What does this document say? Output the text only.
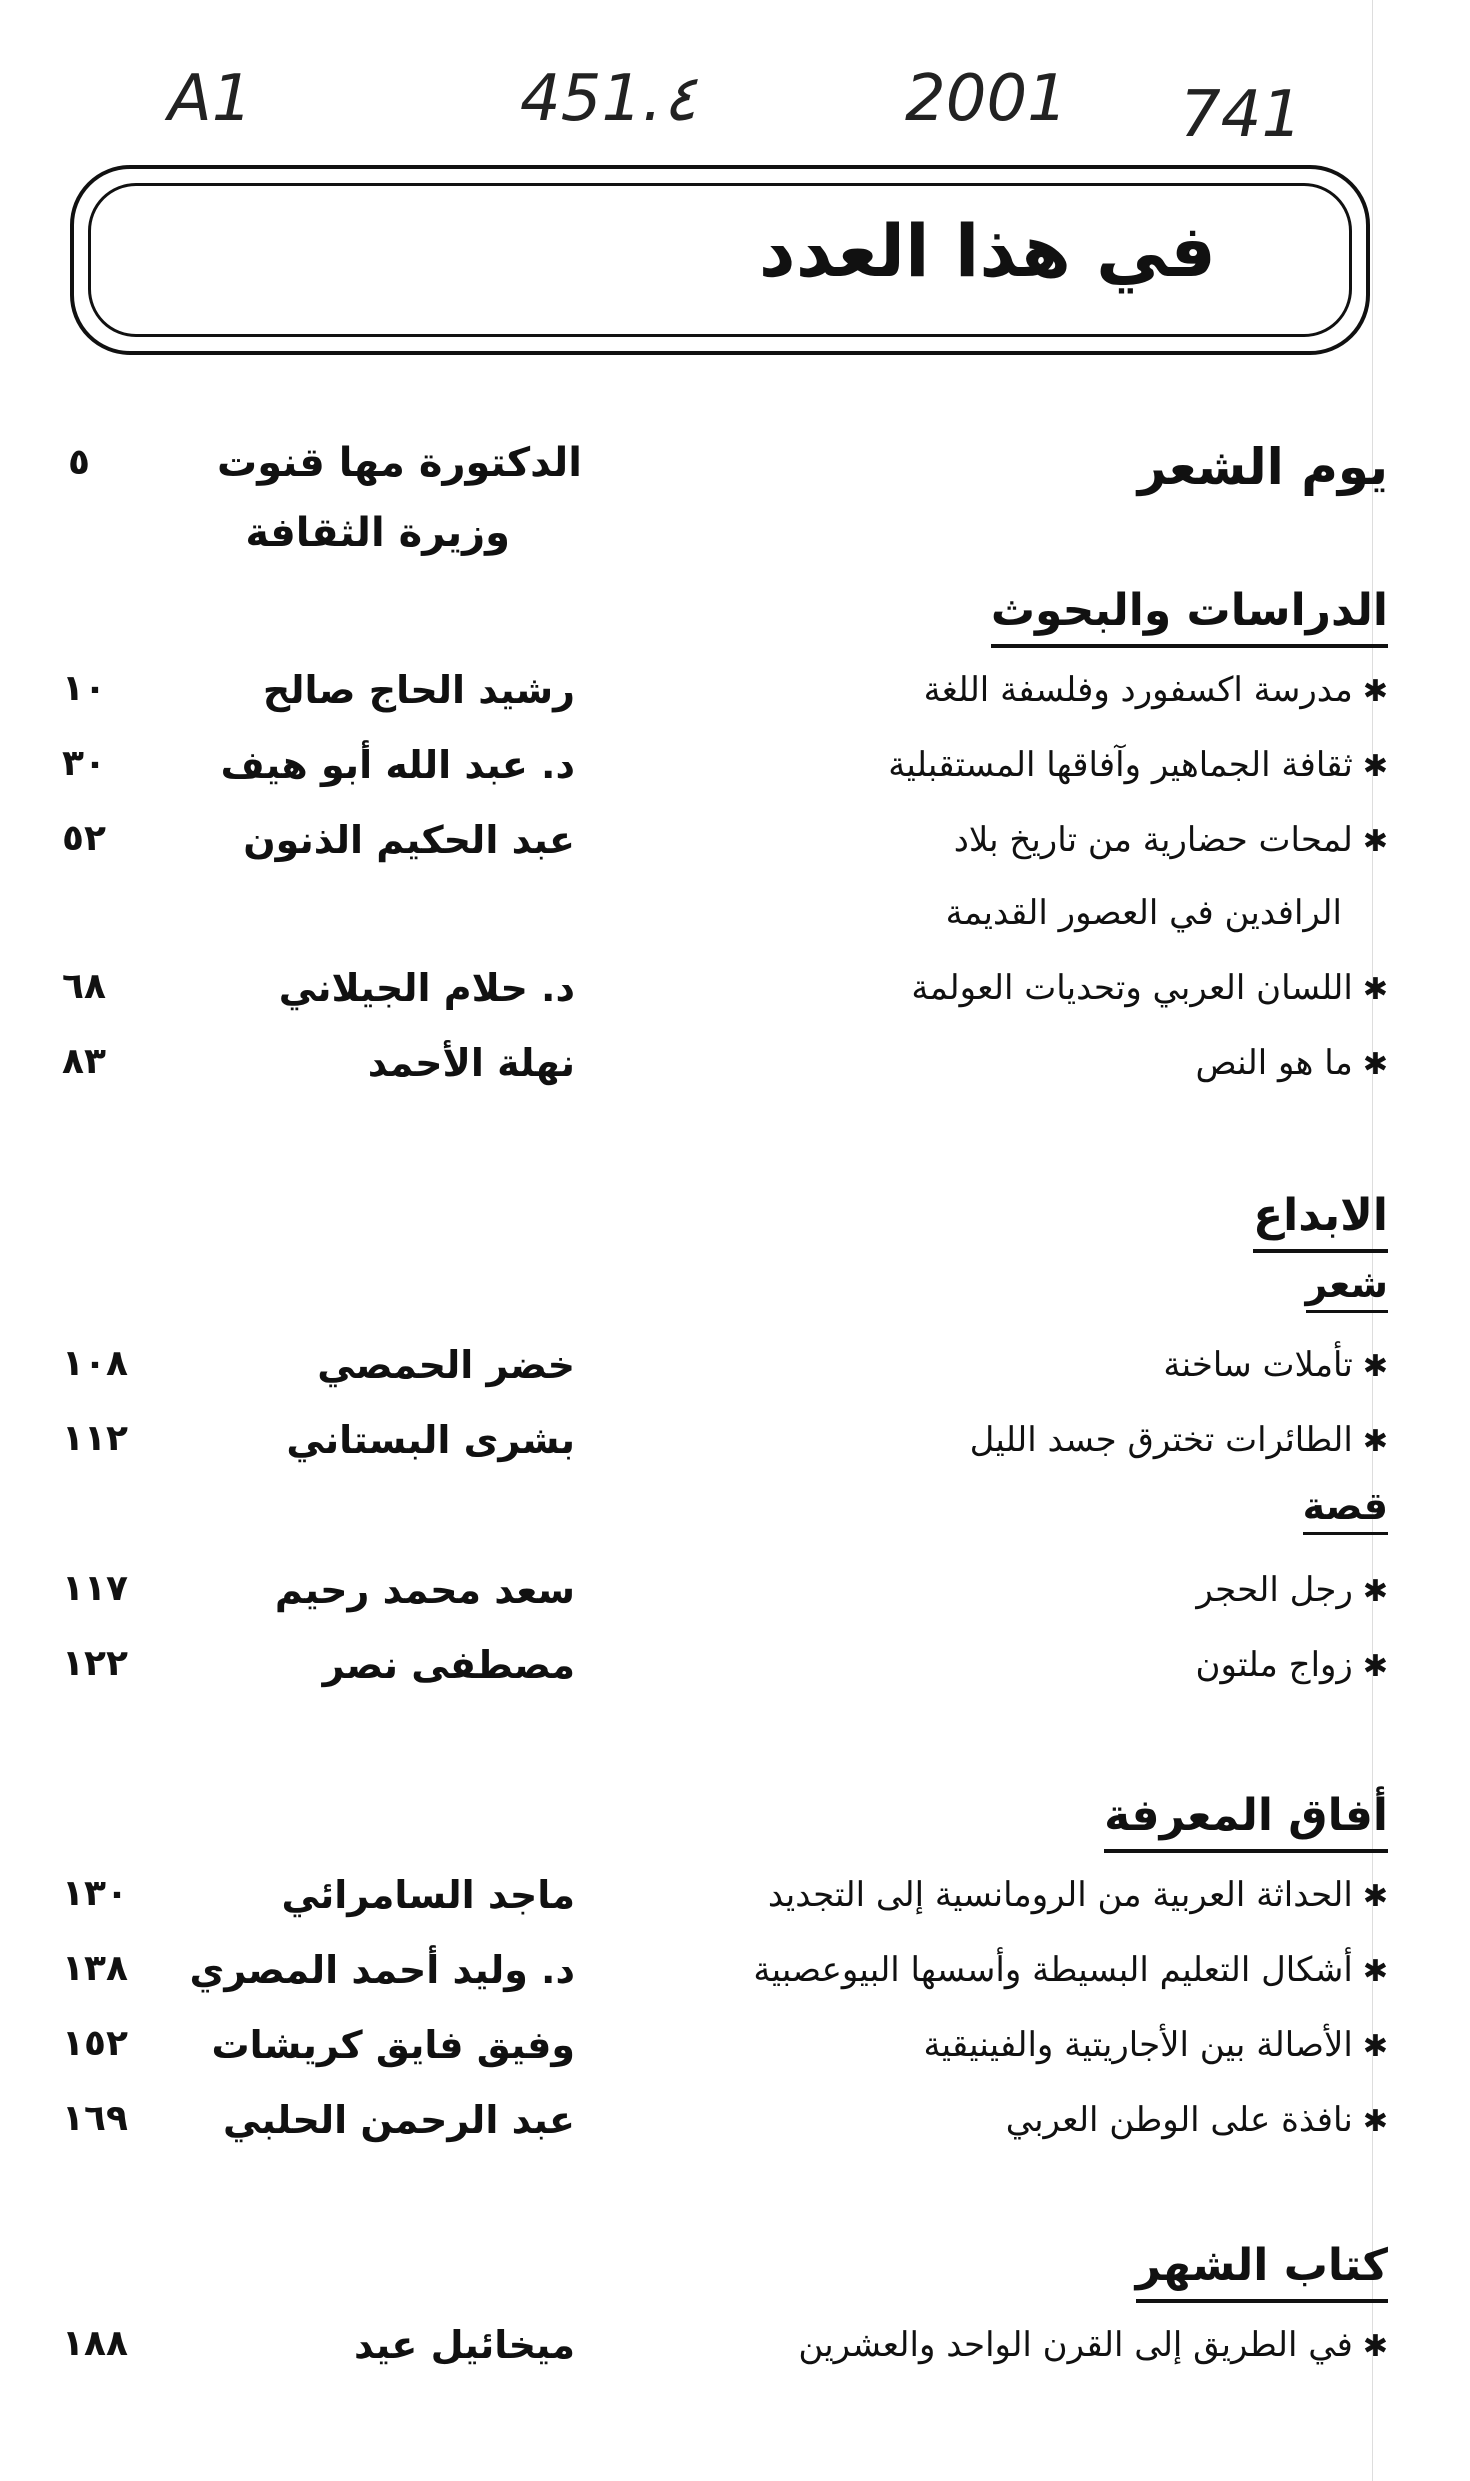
A1	451.٤	2001 741
في هذا العدد
يوم الشعر
الدكتورة مها قنوت
وزيرة الثقافة
٥
الدراسات والبحوث
✱مدرسة اكسفورد وفلسفة اللغة
رشيد الحاج صالح
١٠
✱ثقافة الجماهير وآفاقها المستقبلية
د. عبد الله أبو هيف
٣٠
✱لمحات حضارية من تاريخ بلاد
الرافدين في العصور القديمة
عبد الحكيم الذنون
٥٢
✱اللسان العربي وتحديات العولمة
د. حلام الجيلاني
٦٨
✱ما هو النص
نهلة الأحمد
٨٣
الابداع
شعر
✱تأملات ساخنة
خضر الحمصي
١٠٨
✱الطائرات تخترق جسد الليل
بشرى البستاني
١١٢
قصة
✱رجل الحجر
سعد محمد رحيم
١١٧
✱زواج ملتون
مصطفى نصر
١٢٢
أفاق المعرفة
✱الحداثة العربية من الرومانسية إلى التجديد
ماجد السامرائي
١٣٠
✱أشكال التعليم البسيطة وأسسها البيوعصبية
د. وليد أحمد المصري
١٣٨
✱الأصالة بين الأجاريتية والفينيقية
وفيق فايق كريشات
١٥٢
✱نافذة على الوطن العربي
عبد الرحمن الحلبي
١٦٩
كتاب الشهر
✱في الطريق إلى القرن الواحد والعشرين
ميخائيل عيد
١٨٨
